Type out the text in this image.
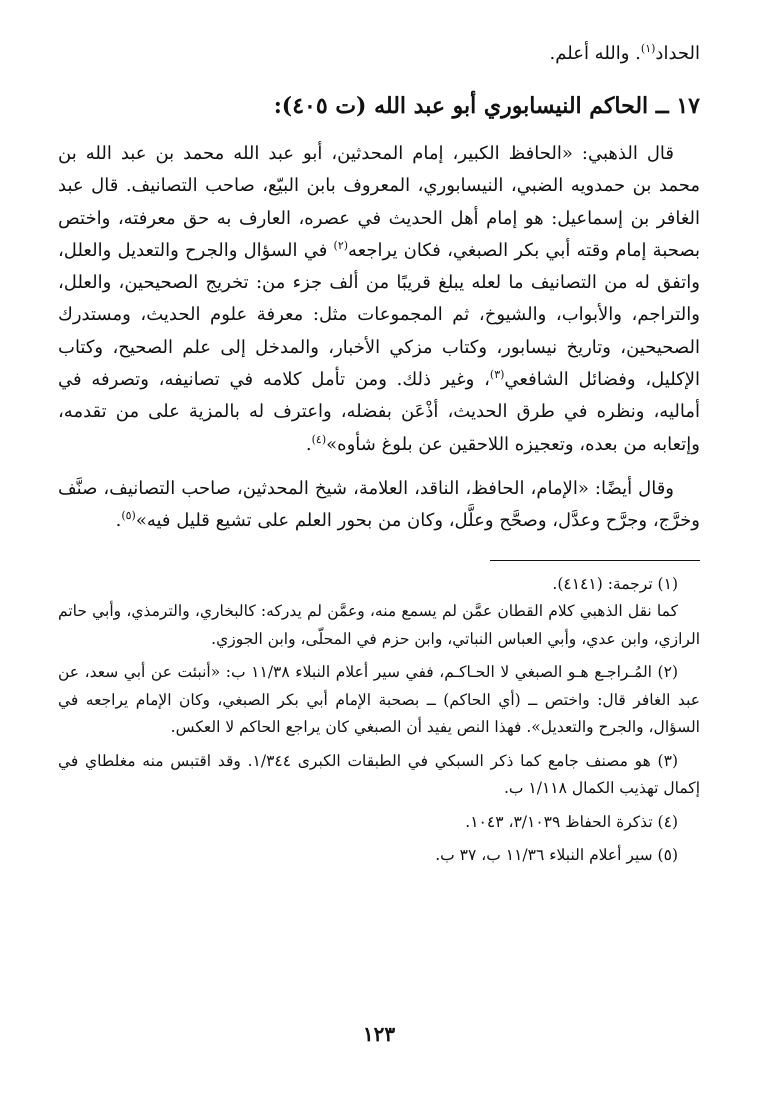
الحداد$^{(١)}$. والله أعلم.

١٧ ــ الحاكم النيسابوري أبو عبد الله (ت ٤٠٥):

قال الذهبي: «الحافظ الكبير، إمام المحدثين، أبو عبد الله محمد بن عبد الله بن محمد بن حمدويه الضبي، النيسابوري، المعروف بابن البيّع، صاحب التصانيف. قال عبد الغافر بن إسماعيل: هو إمام أهل الحديث في عصره، العارف به حق معرفته، واختص بصحبة إمام وقته أبي بكر الصبغي، فكان يراجعه$^{(٢)}$ في السؤال والجرح والتعديل والعلل، واتفق له من التصانيف ما لعله يبلغ قريبًا من ألف جزء من: تخريج الصحيحين، والعلل، والتراجم، والأبواب، والشيوخ، ثم المجموعات مثل: معرفة علوم الحديث، ومستدرك الصحيحين، وتاريخ نيسابور، وكتاب مزكي الأخبار، والمدخل إلى علم الصحيح، وكتاب الإكليل، وفضائل الشافعي$^{(٣)}$، وغير ذلك. ومن تأمل كلامه في تصانيفه، وتصرفه في أماليه، ونظره في طرق الحديث، أذْعَن بفضله، واعترف له بالمزية على من تقدمه، وإتعابه من بعده، وتعجيزه اللاحقين عن بلوغ شأوه»$^{(٤)}$.

وقال أيضًا: «الإمام، الحافظ، الناقد، العلامة، شيخ المحدثين، صاحب التصانيف، صنَّف وخرَّج، وجرَّح وعدَّل، وصحَّح وعلَّل، وكان من بحور العلم على تشيع قليل فيه»$^{(٥)}$.

(١) ترجمة: (٤١٤١).
كما نقل الذهبي كلام القطان عمَّن لم يسمع منه، وعمَّن لم يدركه: كالبخاري، والترمذي، وأبي حاتم الرازي، وابن عدي، وأبي العباس النباتي، وابن حزم في المحلّى، وابن الجوزي.

(٢) المُـراجـع هـو الصبغي لا الحـاكـم، ففي سير أعلام النبلاء ١١/٣٨ ب: «أنبئت عن أبي سعد، عن عبد الغافر قال: واختص ــ (أي الحاكم) ــ بصحبة الإمام أبي بكر الصبغي، وكان الإمام يراجعه في السؤال، والجرح والتعديل». فهذا النص يفيد أن الصبغي كان يراجع الحاكم لا العكس.

(٣) هو مصنف جامع كما ذكر السبكي في الطبقات الكبرى ١/٣٤٤. وقد اقتبس منه مغلطاي في إكمال تهذيب الكمال ١/١١٨ ب.

(٤) تذكرة الحفاظ ٣/١٠٣٩، ١٠٤٣.

(٥) سير أعلام النبلاء ١١/٣٦ ب، ٣٧ ب.

١٢٣
